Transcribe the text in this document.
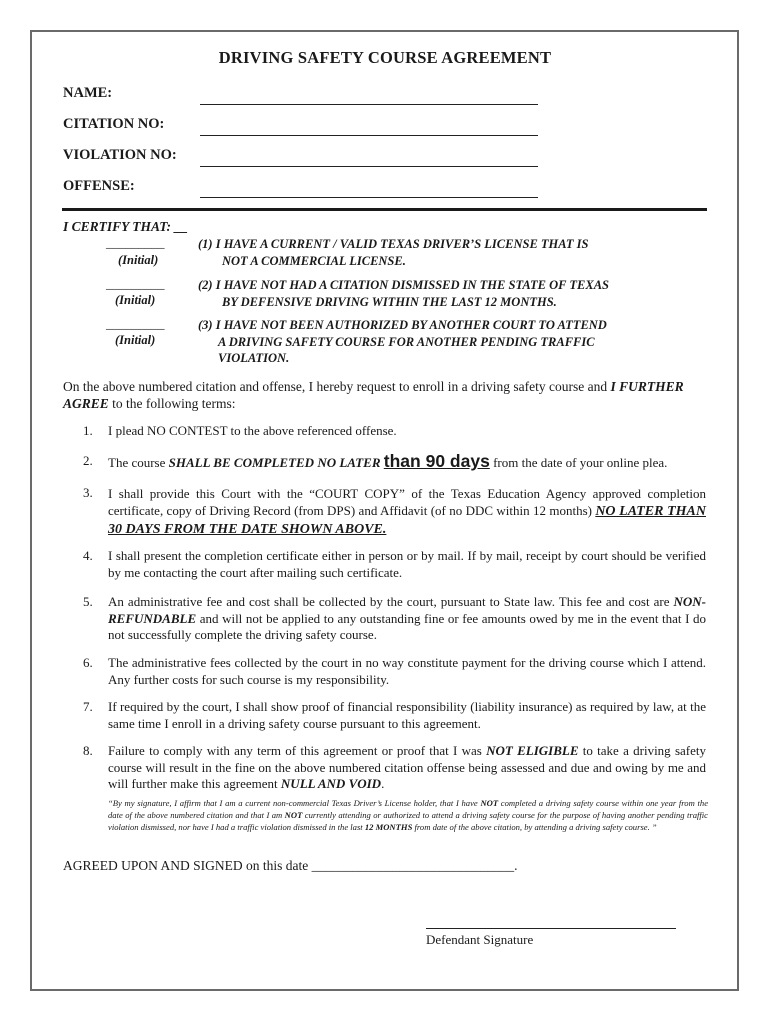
DRIVING SAFETY COURSE AGREEMENT
NAME:
CITATION NO:
VIOLATION NO:
OFFENSE:
I CERTIFY THAT: __
_________
(Initial)
(1) I HAVE A CURRENT / VALID TEXAS DRIVER’S LICENSE THAT IS
NOT A COMMERCIAL LICENSE.
_________
(Initial)
(2) I HAVE NOT HAD A CITATION DISMISSED IN THE STATE OF TEXAS
BY DEFENSIVE DRIVING WITHIN THE LAST 12 MONTHS.
_________
(Initial)
(3) I HAVE NOT BEEN AUTHORIZED BY ANOTHER COURT TO ATTEND
A DRIVING SAFETY COURSE FOR ANOTHER PENDING TRAFFIC
VIOLATION.
On the above numbered citation and offense, I hereby request to enroll in a driving safety course and I FURTHER AGREE to the following terms:
1. I plead NO CONTEST to the above referenced offense.
2. The course SHALL BE COMPLETED NO LATER than 90 days from the date of your online plea.
3. I shall provide this Court with the “COURT COPY” of the Texas Education Agency approved completion certificate, copy of Driving Record (from DPS) and Affidavit (of no DDC within 12 months) NO LATER THAN 30 DAYS FROM THE DATE SHOWN ABOVE.
4. I shall present the completion certificate either in person or by mail. If by mail, receipt by court should be verified by me contacting the court after mailing such certificate.
5. An administrative fee and cost shall be collected by the court, pursuant to State law. This fee and cost are NON-REFUNDABLE and will not be applied to any outstanding fine or fee amounts owed by me in the event that I do not successfully complete the driving safety course.
6. The administrative fees collected by the court in no way constitute payment for the driving course which I attend. Any further costs for such course is my responsibility.
7. If required by the court, I shall show proof of financial responsibility (liability insurance) as required by law, at the same time I enroll in a driving safety course pursuant to this agreement.
8. Failure to comply with any term of this agreement or proof that I was NOT ELIGIBLE to take a driving safety course will result in the fine on the above numbered citation offense being assessed and due and owing by me and will further make this agreement NULL AND VOID.
“By my signature, I affirm that I am a current non-commercial Texas Driver’s License holder, that I have NOT completed a driving safety course within one year from the date of the above numbered citation and that I am NOT currently attending or authorized to attend a driving safety course for the purpose of having another pending traffic violation dismissed, nor have I had a traffic violation dismissed in the last 12 MONTHS from date of the above citation, by attending a driving safety course. ”
AGREED UPON AND SIGNED on this date ______________________________.
Defendant Signature
